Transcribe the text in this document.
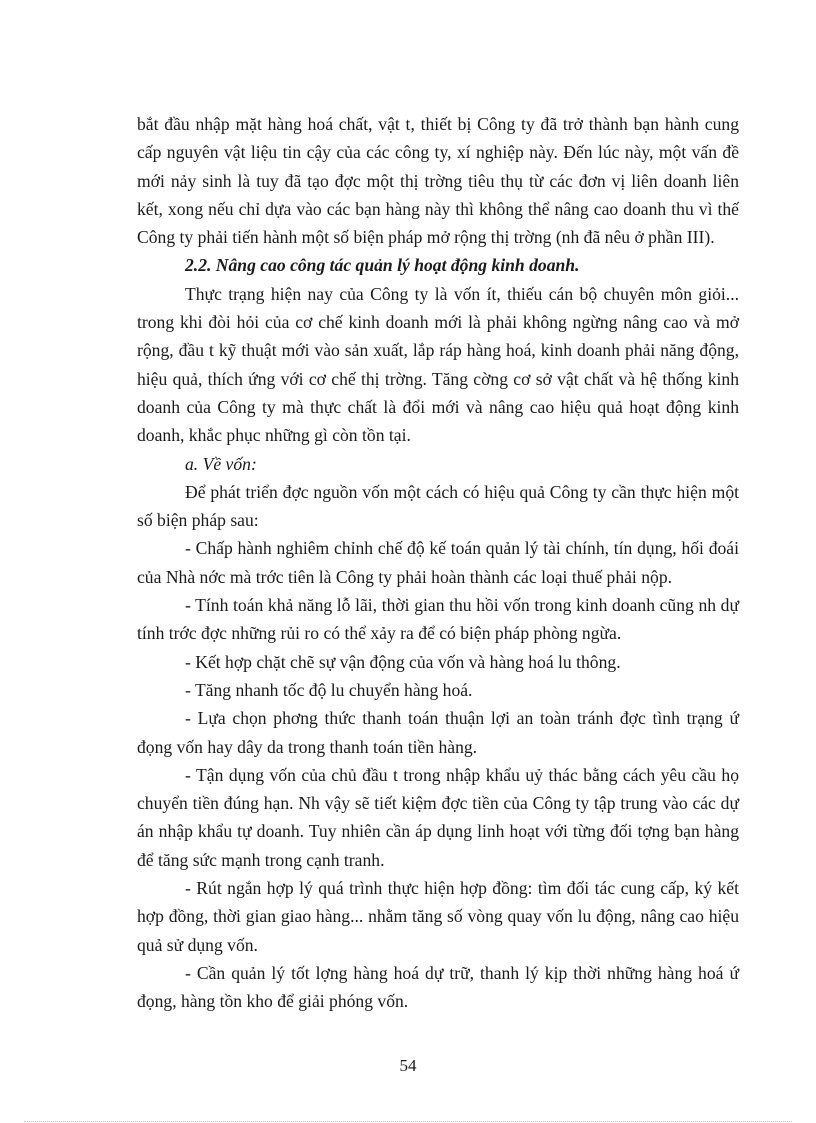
bắt đầu nhập mặt hàng hoá chất, vật t, thiết bị Công ty đã trở thành bạn hành cung cấp nguyên vật liệu tin cậy của các công ty, xí nghiệp này. Đến lúc này, một vấn đề mới nảy sinh là tuy đã tạo đợc một thị trờng tiêu thụ từ các đơn vị liên doanh liên kết, xong nếu chỉ dựa vào các bạn hàng này thì không thể nâng cao doanh thu vì thế Công ty phải tiến hành một số biện pháp mở rộng thị trờng (nh đã nêu ở phần III).

2.2. Nâng cao công tác quản lý hoạt động kinh doanh.

Thực trạng hiện nay của Công ty là vốn ít, thiếu cán bộ chuyên môn giỏi... trong khi đòi hỏi của cơ chế kinh doanh mới là phải không ngừng nâng cao và mở rộng, đầu t kỹ thuật mới vào sản xuất, lắp ráp hàng hoá, kinh doanh phải năng động, hiệu quả, thích ứng với cơ chế thị trờng. Tăng cờng cơ sở vật chất và hệ thống kinh doanh của Công ty mà thực chất là đổi mới và nâng cao hiệu quả hoạt động kinh doanh, khắc phục những gì còn tồn tại.

a. Về vốn:

Để phát triển đợc nguồn vốn một cách có hiệu quả Công ty cần thực hiện một số biện pháp sau:

- Chấp hành nghiêm chỉnh chế độ kế toán quản lý tài chính, tín dụng, hối đoái của Nhà nớc mà trớc tiên là Công ty phải hoàn thành các loại thuế phải nộp.

- Tính toán khả năng lỗ lãi, thời gian thu hồi vốn trong kinh doanh cũng nh dự tính trớc đợc những rủi ro có thể xảy ra để có biện pháp phòng ngừa.

- Kết hợp chặt chẽ sự vận động của vốn và hàng hoá lu thông.

- Tăng nhanh tốc độ lu chuyển hàng hoá.

- Lựa chọn phơng thức thanh toán thuận lợi an toàn tránh đợc tình trạng ứ đọng vốn hay dây da trong thanh toán tiền hàng.

- Tận dụng vốn của chủ đầu t trong nhập khẩu uỷ thác bằng cách yêu cầu họ chuyển tiền đúng hạn. Nh vậy sẽ tiết kiệm đợc tiền của Công ty tập trung vào các dự án nhập khẩu tự doanh. Tuy nhiên cần áp dụng linh hoạt với từng đối tợng bạn hàng để tăng sức mạnh trong cạnh tranh.

- Rút ngắn hợp lý quá trình thực hiện hợp đồng: tìm đối tác cung cấp, ký kết hợp đồng, thời gian giao hàng... nhằm tăng số vòng quay vốn lu động, nâng cao hiệu quả sử dụng vốn.

- Cần quản lý tốt lợng hàng hoá dự trữ, thanh lý kịp thời những hàng hoá ứ đọng, hàng tồn kho để giải phóng vốn.

54
